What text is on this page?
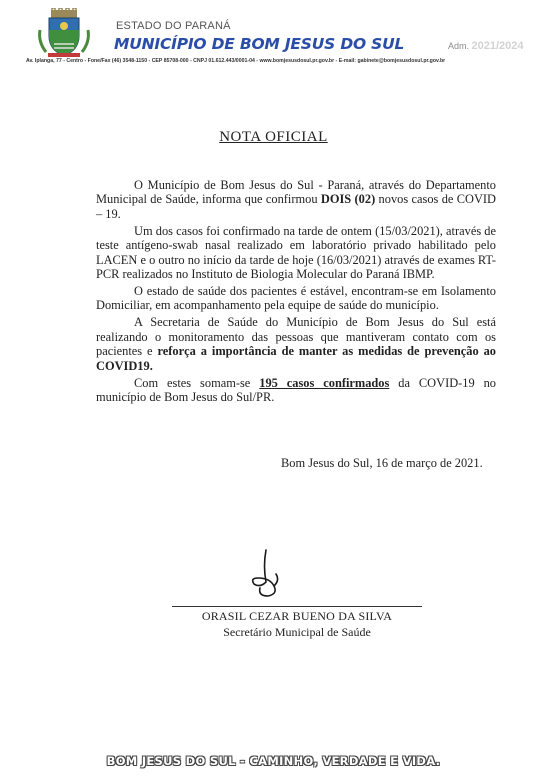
ESTADO DO PARANÁ
MUNICÍPIO DE BOM JESUS DO SUL	Adm. 2021/2024
Av. Iplanga, 77 - Centro - Fone/Fax (46) 3548-1150 - CEP 85708-000 - CNPJ 01.612.443/0001-04 - www.bomjesusdosul.pr.gov.br - E-mail: gabinete@bomjesusdosul.pr.gov.br
NOTA OFICIAL

O Município de Bom Jesus do Sul - Paraná, através do Departamento Municipal de Saúde, informa que confirmou DOIS (02) novos casos de COVID – 19.

Um dos casos foi confirmado na tarde de ontem (15/03/2021), através de teste antígeno-swab nasal realizado em laboratório privado habilitado pelo LACEN e o outro no início da tarde de hoje (16/03/2021) através de exames RT-PCR realizados no Instituto de Biologia Molecular do Paraná IBMP.

O estado de saúde dos pacientes é estável, encontram-se em Isolamento Domiciliar, em acompanhamento pela equipe de saúde do município.

A Secretaria de Saúde do Município de Bom Jesus do Sul está realizando o monitoramento das pessoas que mantiveram contato com os pacientes e reforça a importância de manter as medidas de prevenção ao COVID19.

Com estes somam-se 195 casos confirmados da COVID-19 no município de Bom Jesus do Sul/PR.

Bom Jesus do Sul, 16 de março de 2021.
ORASIL CEZAR BUENO DA SILVA
Secretário Municipal de Saúde
BOM JESUS DO SUL - CAMINHO, VERDADE E VIDA.
